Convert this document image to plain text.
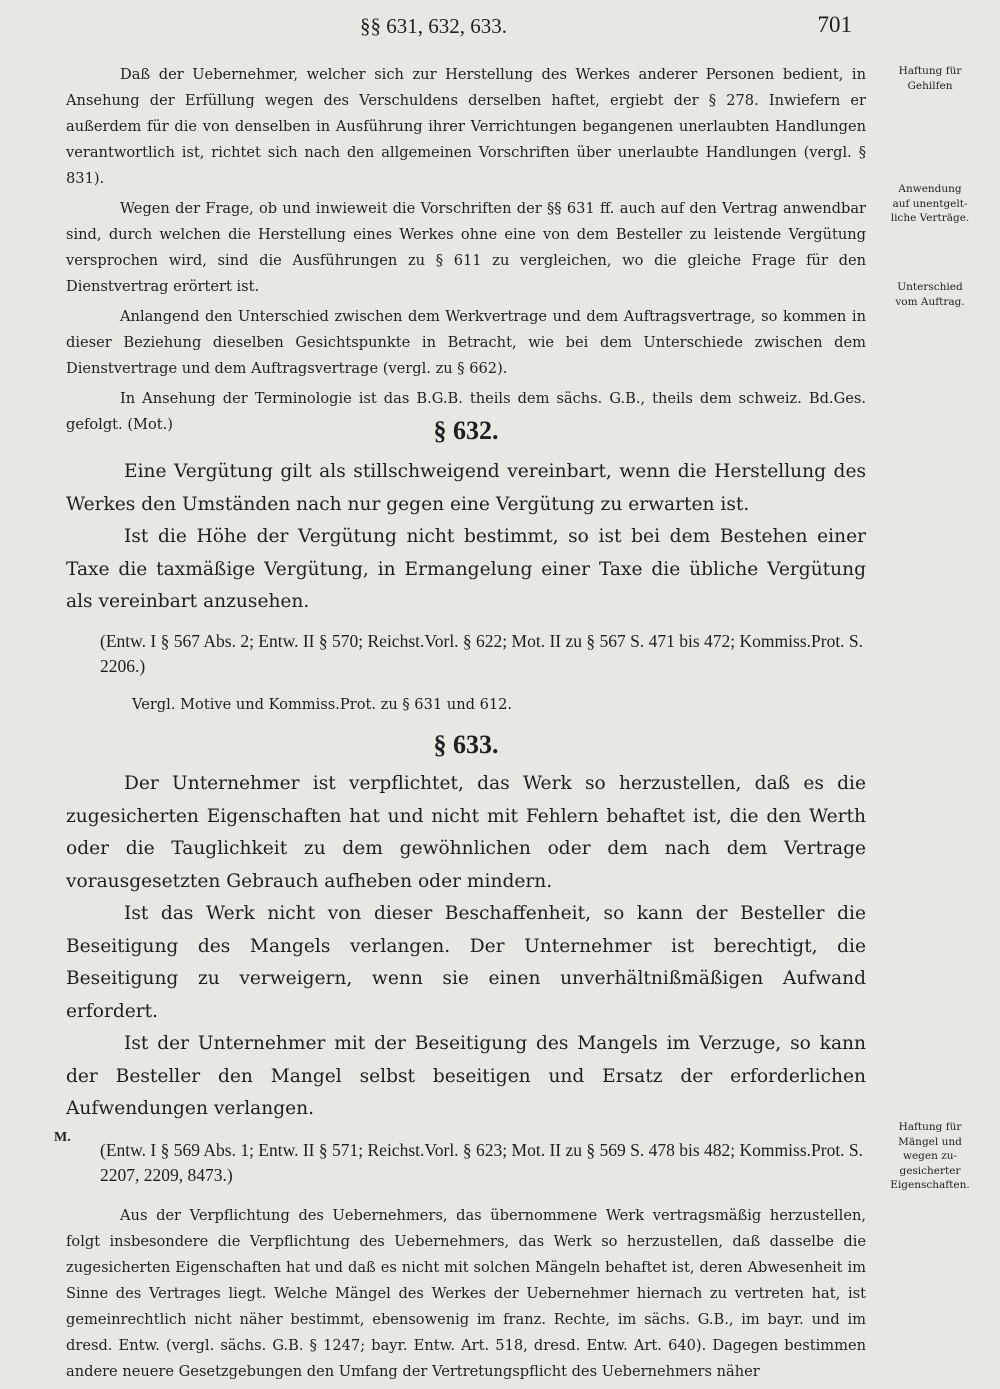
§§ 631, 632, 633.	701

Daß der Uebernehmer, welcher sich zur Herstellung des Werkes anderer Personen bedient, in Ansehung der Erfüllung wegen des Verschuldens derselben haftet, ergiebt der § 278. Inwiefern er außerdem für die von denselben in Ausführung ihrer Verrichtungen begangenen unerlaubten Handlungen verantwortlich ist, richtet sich nach den allgemeinen Vorschriften über unerlaubte Handlungen (vergl. § 831).

Wegen der Frage, ob und inwieweit die Vorschriften der §§ 631 ff. auch auf den Vertrag anwendbar sind, durch welchen die Herstellung eines Werkes ohne eine von dem Besteller zu leistende Vergütung versprochen wird, sind die Ausführungen zu § 611 zu vergleichen, wo die gleiche Frage für den Dienstvertrag erörtert ist.

Anlangend den Unterschied zwischen dem Werkvertrage und dem Auftragsvertrage, so kommen in dieser Beziehung dieselben Gesichtspunkte in Betracht, wie bei dem Unterschiede zwischen dem Dienstvertrage und dem Auftragsvertrage (vergl. zu § 662).

In Ansehung der Terminologie ist das B.G.B. theils dem sächs. G.B., theils dem schweiz. Bd.Ges. gefolgt. (Mot.)	§ 632.

Eine Vergütung gilt als stillschweigend vereinbart, wenn die Herstellung des Werkes den Umständen nach nur gegen eine Vergütung zu erwarten ist.

Ist die Höhe der Vergütung nicht bestimmt, so ist bei dem Bestehen einer Taxe die taxmäßige Vergütung, in Ermangelung einer Taxe die übliche Vergütung als vereinbart anzusehen.

(Entw. I § 567 Abs. 2; Entw. II § 570; Reichst.Vorl. § 622; Mot. II zu § 567 S. 471 bis 472; Kommiss.Prot. S. 2206.)

Vergl. Motive und Kommiss.Prot. zu § 631 und 612.

§ 633.

Der Unternehmer ist verpflichtet, das Werk so herzustellen, daß es die zugesicherten Eigenschaften hat und nicht mit Fehlern behaftet ist, die den Werth oder die Tauglichkeit zu dem gewöhnlichen oder dem nach dem Vertrage vorausgesetzten Gebrauch aufheben oder mindern.

Ist das Werk nicht von dieser Beschaffenheit, so kann der Besteller die Beseitigung des Mangels verlangen. Der Unternehmer ist berechtigt, die Beseitigung zu verweigern, wenn sie einen unverhältnißmäßigen Aufwand erfordert.

Ist der Unternehmer mit der Beseitigung des Mangels im Verzuge, so kann der Besteller den Mangel selbst beseitigen und Ersatz der erforderlichen Aufwendungen verlangen.

(Entw. I § 569 Abs. 1; Entw. II § 571; Reichst.Vorl. § 623; Mot. II zu § 569 S. 478 bis 482; Kommiss.Prot. S. 2207, 2209, 8473.)

Aus der Verpflichtung des Uebernehmers, das übernommene Werk vertragsmäßig herzustellen, folgt insbesondere die Verpflichtung des Uebernehmers, das Werk so herzustellen, daß dasselbe die zugesicherten Eigenschaften hat und daß es nicht mit solchen Mängeln behaftet ist, deren Abwesenheit im Sinne des Vertrages liegt. Welche Mängel des Werkes der Uebernehmer hiernach zu vertreten hat, ist gemeinrechtlich nicht näher bestimmt, ebensowenig im franz. Rechte, im sächs. G.B., im bayr. und im dresd. Entw. (vergl. sächs. G.B. § 1247; bayr. Entw. Art. 518, dresd. Entw. Art. 640). Dagegen bestimmen andere neuere Gesetzgebungen den Umfang der Vertretungspflicht des Uebernehmers näher

M.
Haftung für
Gehilfen
Anwendung
auf unentgelt-
liche Verträge.
Unterschied
vom Auftrag.
Haftung für
Mängel und
wegen zu-
gesicherter
Eigenschaften.
